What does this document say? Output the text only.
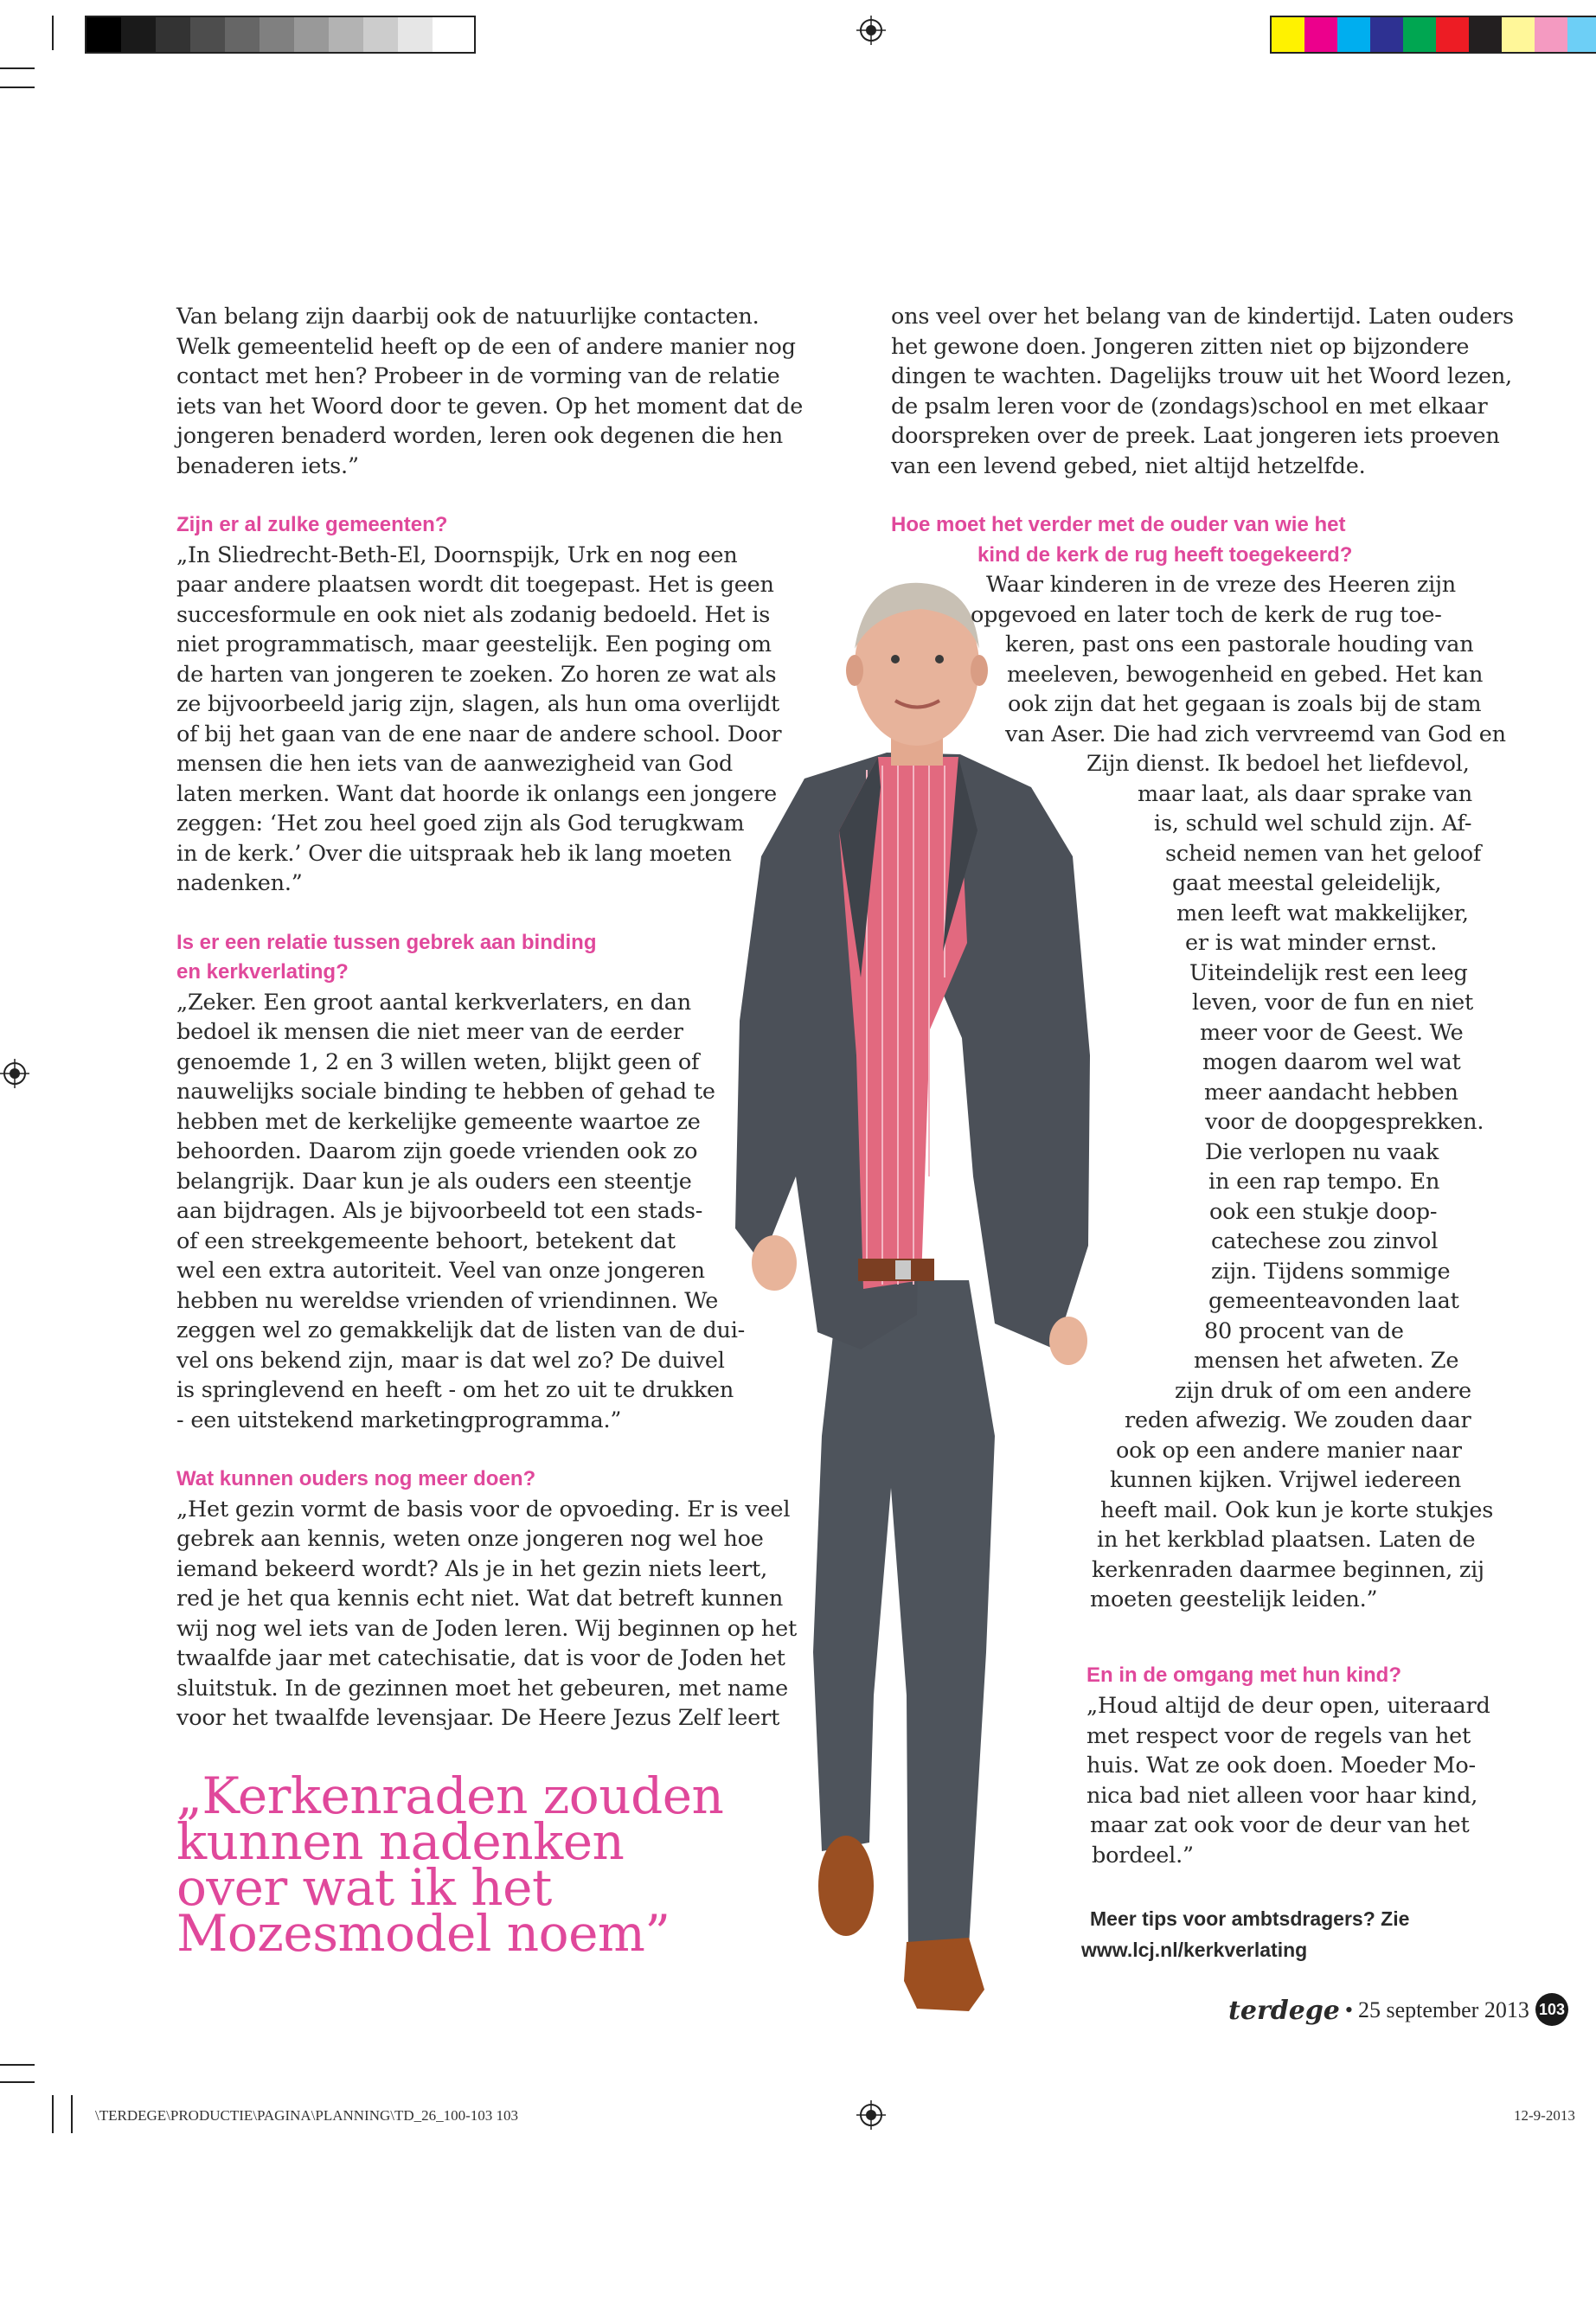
Van belang zijn daarbij ook de natuurlijke contacten.
Welk gemeentelid heeft op de een of andere manier nog
contact met hen? Probeer in de vorming van de relatie
iets van het Woord door te geven. Op het moment dat de
jongeren benaderd worden, leren ook degenen die hen
benaderen iets.”
Zijn er al zulke gemeenten?
„In Sliedrecht-Beth-El, Doornspijk, Urk en nog een
paar andere plaatsen wordt dit toegepast. Het is geen
succesformule en ook niet als zodanig bedoeld. Het is
niet programmatisch, maar geestelijk. Een poging om
de harten van jongeren te zoeken. Zo horen ze wat als
ze bijvoorbeeld jarig zijn, slagen, als hun oma overlijdt
of bij het gaan van de ene naar de andere school. Door
mensen die hen iets van de aanwezigheid van God
laten merken. Want dat hoorde ik onlangs een jongere
zeggen: ‘Het zou heel goed zijn als God terugkwam
in de kerk.’ Over die uitspraak heb ik lang moeten
nadenken.”
Is er een relatie tussen gebrek aan binding
en kerkverlating?
„Zeker. Een groot aantal kerkverlaters, en dan
bedoel ik mensen die niet meer van de eerder
genoemde 1, 2 en 3 willen weten, blijkt geen of
nauwelijks sociale binding te hebben of gehad te
hebben met de kerkelijke gemeente waartoe ze
behoorden. Daarom zijn goede vrienden ook zo
belangrijk. Daar kun je als ouders een steentje
aan bijdragen. Als je bijvoorbeeld tot een stads-
of een streekgemeente behoort, betekent dat
wel een extra autoriteit. Veel van onze jongeren
hebben nu wereldse vrienden of vriendinnen. We
zeggen wel zo gemakkelijk dat de listen van de dui-
vel ons bekend zijn, maar is dat wel zo? De duivel
is springlevend en heeft - om het zo uit te drukken
- een uitstekend marketingprogramma.”
Wat kunnen ouders nog meer doen?
„Het gezin vormt de basis voor de opvoeding. Er is veel
gebrek aan kennis, weten onze jongeren nog wel hoe
iemand bekeerd wordt? Als je in het gezin niets leert,
red je het qua kennis echt niet. Wat dat betreft kunnen
wij nog wel iets van de Joden leren. Wij beginnen op het
twaalfde jaar met catechisatie, dat is voor de Joden het
sluitstuk. In de gezinnen moet het gebeuren, met name
voor het twaalfde levensjaar. De Heere Jezus Zelf leert
„Kerkenraden zouden
kunnen nadenken
over wat ik het
Mozesmodel noem”
ons veel over het belang van de kindertijd. Laten ouders
het gewone doen. Jongeren zitten niet op bijzondere
dingen te wachten. Dagelijks trouw uit het Woord lezen,
de psalm leren voor de (zondags)school en met elkaar
doorspreken over de preek. Laat jongeren iets proeven
van een levend gebed, niet altijd hetzelfde.
Hoe moet het verder met de ouder van wie het
kind de kerk de rug heeft toegekeerd?
Waar kinderen in de vreze des Heeren zijn
opgevoed en later toch de kerk de rug toe-
keren, past ons een pastorale houding van
meeleven, bewogenheid en gebed. Het kan
ook zijn dat het gegaan is zoals bij de stam
van Aser. Die had zich vervreemd van God en
Zijn dienst. Ik bedoel het liefdevol,
maar laat, als daar sprake van
is, schuld wel schuld zijn. Af-
scheid nemen van het geloof
gaat meestal geleidelijk,
men leeft wat makkelijker,
er is wat minder ernst.
Uiteindelijk rest een leeg
leven, voor de fun en niet
meer voor de Geest. We
mogen daarom wel wat
meer aandacht hebben
voor de doopgesprekken.
Die verlopen nu vaak
in een rap tempo. En
ook een stukje doop-
catechese zou zinvol
zijn. Tijdens sommige
gemeenteavonden laat
80 procent van de
mensen het afweten. Ze
zijn druk of om een andere
reden afwezig. We zouden daar
ook op een andere manier naar
kunnen kijken. Vrijwel iedereen
heeft mail. Ook kun je korte stukjes
in het kerkblad plaatsen. Laten de
kerkenraden daarmee beginnen, zij
moeten geestelijk leiden.”
En in de omgang met hun kind?
„Houd altijd de deur open, uiteraard
met respect voor de regels van het
huis. Wat ze ook doen. Moeder Mo-
nica bad niet alleen voor haar kind,
maar zat ook voor de deur van het
bordeel.”
Meer tips voor ambtsdragers? Zie
www.lcj.nl/kerkverlating
terdege • 25 september 2013 103
\TERDEGE\PRODUCTIE\PAGINA\PLANNING\TD_26_100-103 103	12-9-2013
